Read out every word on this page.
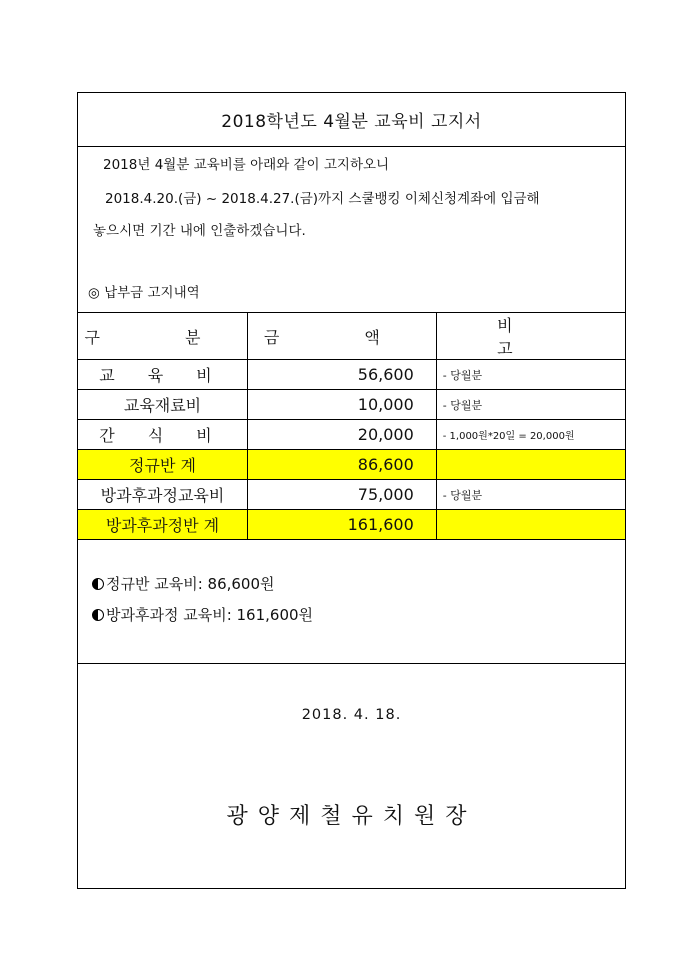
2018학년도 4월분 교육비 고지서
2018년 4월분 교육비를 아래와 같이 고지하오니
2018.4.20.(금) ~ 2018.4.27.(금)까지 스쿨뱅킹 이체신청계좌에 입금해
놓으시면 기간 내에 인출하겠습니다.
◎ 납부금 고지내역
구 분	금 액	비 고
교 육 비	56,600	- 당월분
교육재료비	10,000	- 당월분
간 식 비	20,000	- 1,000원*20일 = 20,000원
정규반 계	86,600	
방과후과정교육비	75,000	- 당월분
방과후과정반 계	161,600	
정규반 교육비: 86,600원
방과후과정 교육비: 161,600원
2018. 4. 18.
광양제철유치원장
